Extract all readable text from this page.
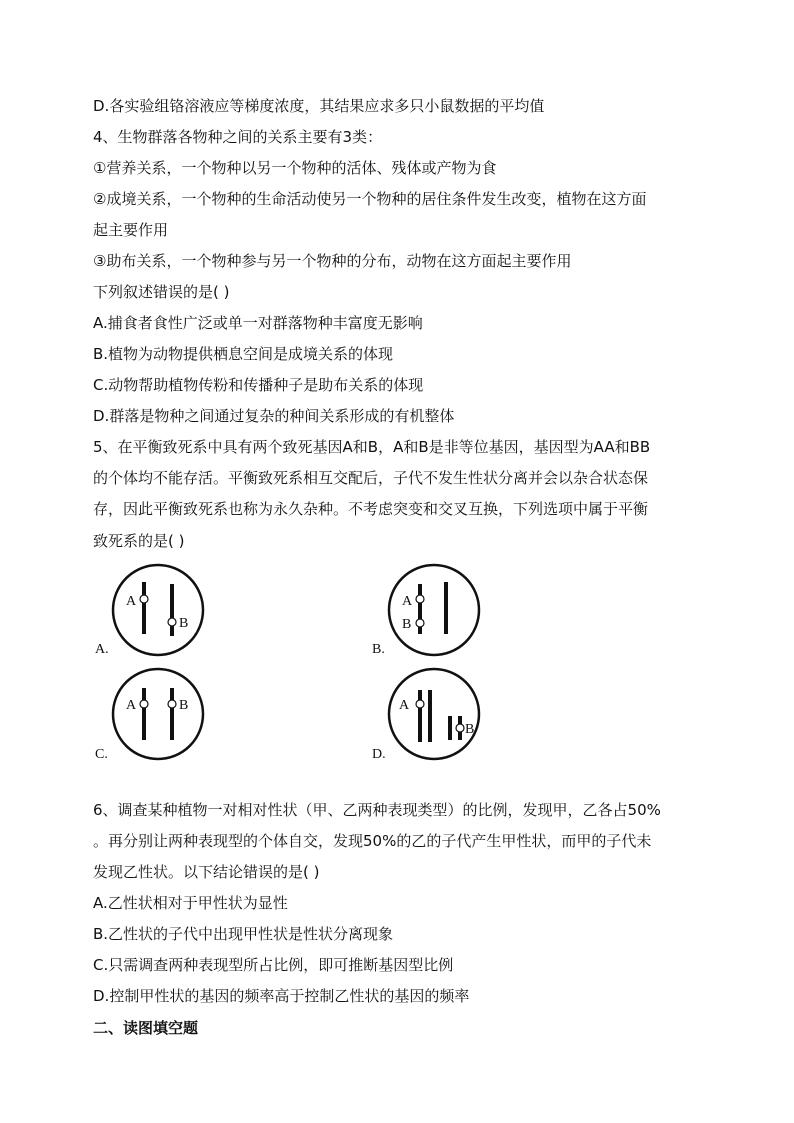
D.各实验组铬溶液应等梯度浓度，其结果应求多只小鼠数据的平均值
4、生物群落各物种之间的关系主要有3类：
①营养关系，一个物种以另一个物种的活体、残体或产物为食
②成境关系，一个物种的生命活动使另一个物种的居住条件发生改变，植物在这方面
起主要作用
③助布关系，一个物种参与另一个物种的分布，动物在这方面起主要作用
下列叙述错误的是( )
A.捕食者食性广泛或单一对群落物种丰富度无影响
B.植物为动物提供栖息空间是成境关系的体现
C.动物帮助植物传粉和传播种子是助布关系的体现
D.群落是物种之间通过复杂的种间关系形成的有机整体
5、在平衡致死系中具有两个致死基因A和B，A和B是非等位基因，基因型为AA和BB
的个体均不能存活。平衡致死系相互交配后，子代不发生性状分离并会以杂合状态保
存，因此平衡致死系也称为永久杂种。不考虑突变和交叉互换，下列选项中属于平衡
致死系的是( )
A
B
A.
A
B
B.
A	B
C.
A
B
D.
6、调查某种植物一对相对性状（甲、乙两种表现类型）的比例，发现甲，乙各占50%
。再分别让两种表现型的个体自交，发现50%的乙的子代产生甲性状，而甲的子代未
发现乙性状。以下结论错误的是( )
A.乙性状相对于甲性状为显性
B.乙性状的子代中出现甲性状是性状分离现象
C.只需调查两种表现型所占比例，即可推断基因型比例
D.控制甲性状的基因的频率高于控制乙性状的基因的频率
二、读图填空题
